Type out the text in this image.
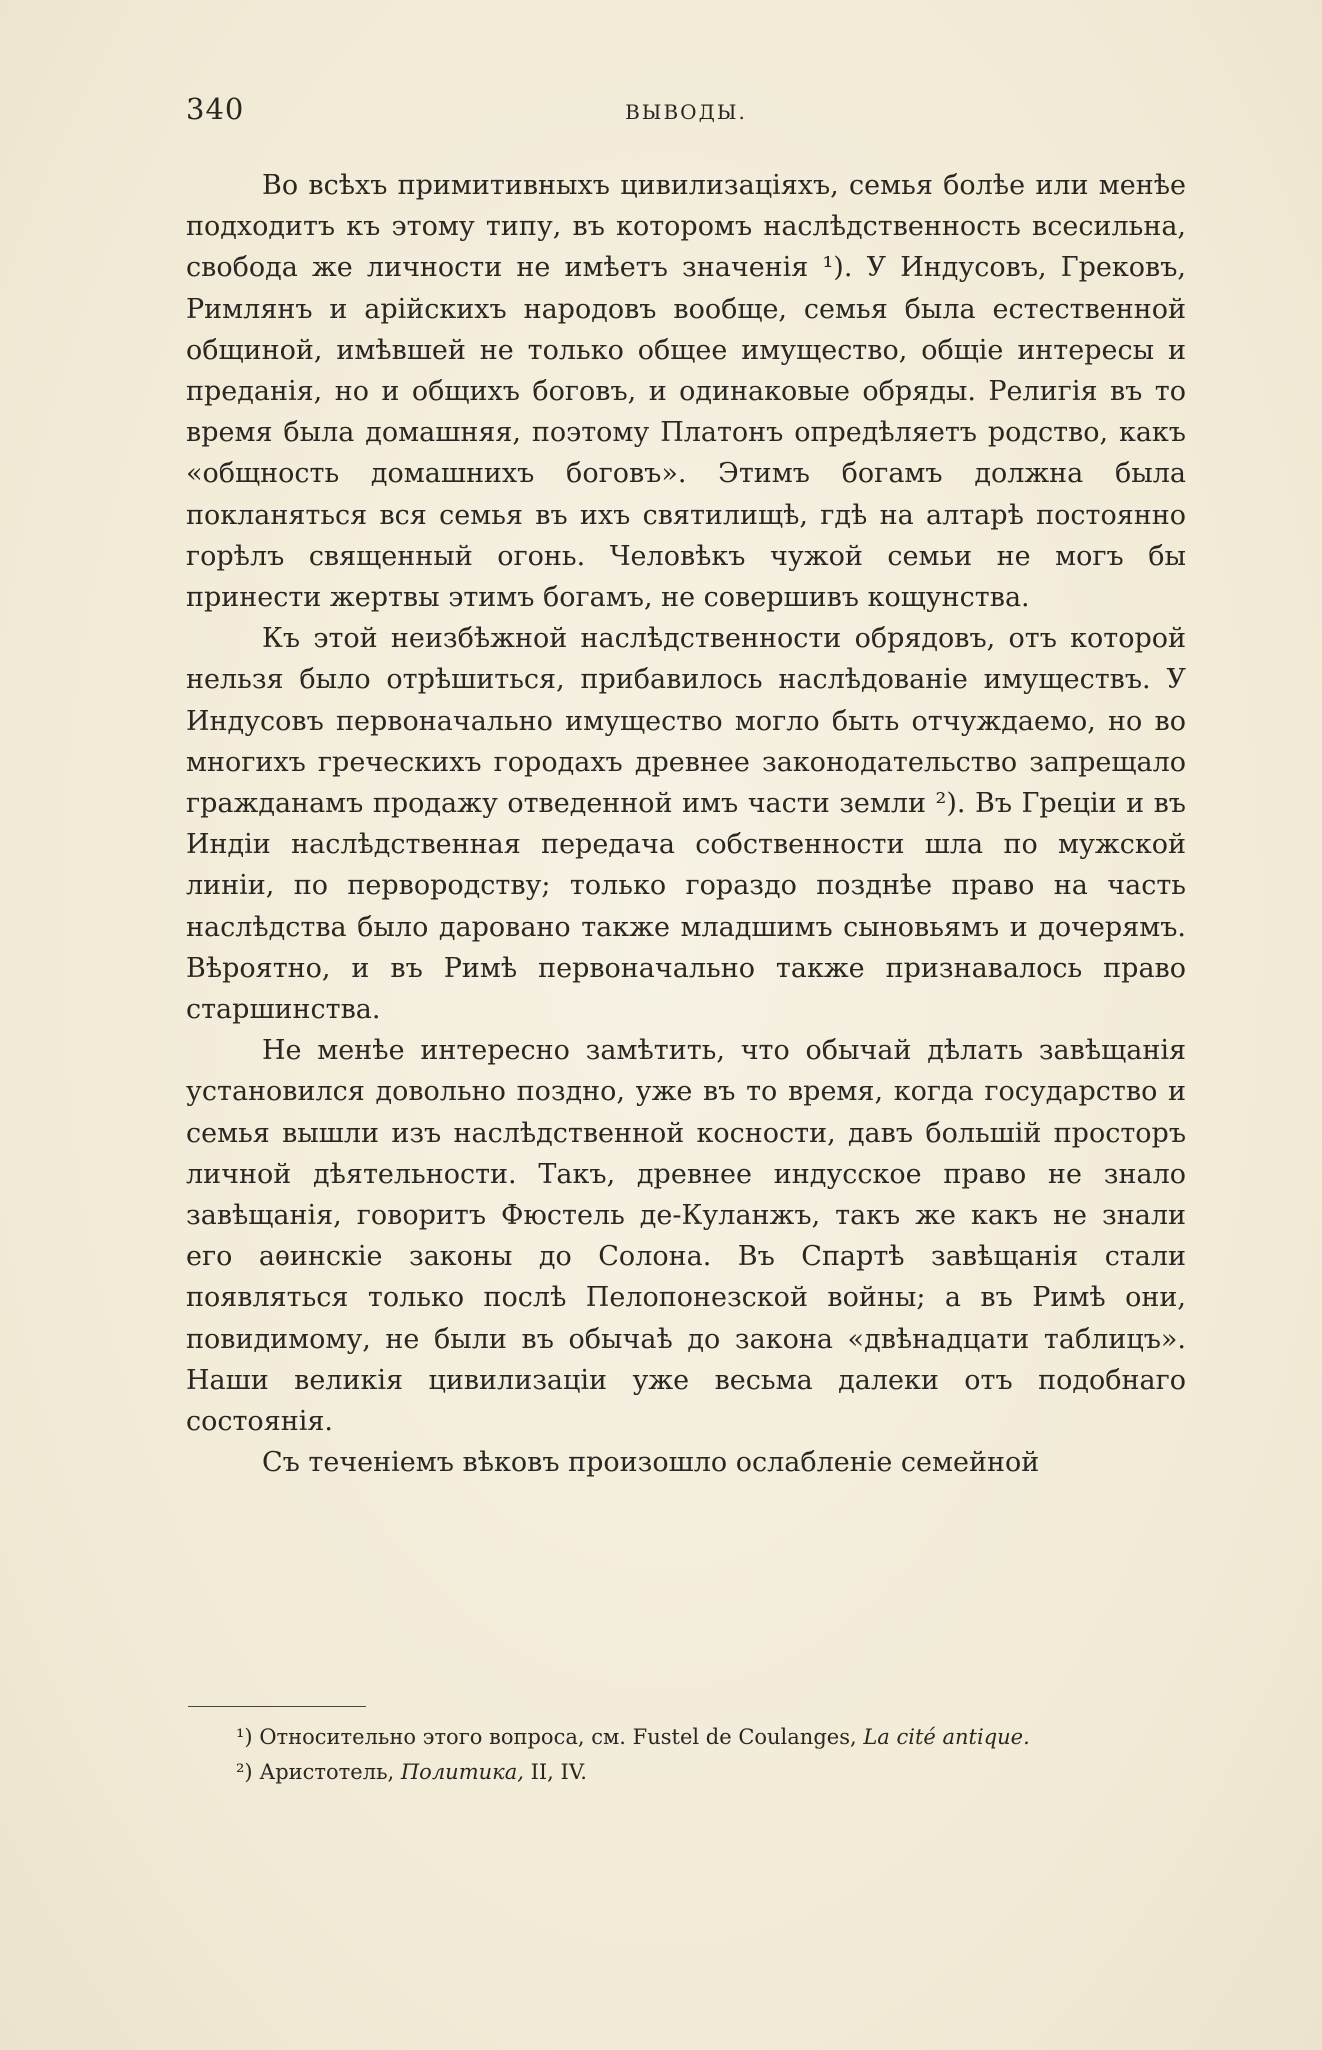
340	ВЫВОДЫ.

Во всѣхъ примитивныхъ цивилизаціяхъ, семья болѣе или менѣе подходитъ къ этому типу, въ которомъ наслѣдственность всесильна, свобода же личности не имѣетъ значенія ¹). У Индусовъ, Грековъ, Римлянъ и арійскихъ народовъ вообще, семья была естественной общиной, имѣвшей не только общее имущество, общіе интересы и преданія, но и общихъ боговъ, и одинаковые обряды. Религія въ то время была домашняя, поэтому Платонъ опредѣляетъ родство, какъ «общность домашнихъ боговъ». Этимъ богамъ должна была покланяться вся семья въ ихъ святилищѣ, гдѣ на алтарѣ постоянно горѣлъ священный огонь. Человѣкъ чужой семьи не могъ бы принести жертвы этимъ богамъ, не совершивъ кощунства.

Къ этой неизбѣжной наслѣдственности обрядовъ, отъ которой нельзя было отрѣшиться, прибавилось наслѣдованіе имуществъ. У Индусовъ первоначально имущество могло быть отчуждаемо, но во многихъ греческихъ городахъ древнее законодательство запрещало гражданамъ продажу отведенной имъ части земли ²). Въ Греціи и въ Индіи наслѣдственная передача собственности шла по мужской линіи, по первородству; только гораздо позднѣе право на часть наслѣдства было даровано также младшимъ сыновьямъ и дочерямъ. Вѣроятно, и въ Римѣ первоначально также признавалось право старшинства.

Не менѣе интересно замѣтить, что обычай дѣлать завѣщанія установился довольно поздно, уже въ то время, когда государство и семья вышли изъ наслѣдственной косности, давъ большій просторъ личной дѣятельности. Такъ, древнее индусское право не знало завѣщанія, говоритъ Фюстель де-Куланжъ, такъ же какъ не знали его аѳинскіе законы до Солона. Въ Спартѣ завѣщанія стали появляться только послѣ Пелопонезской войны; а въ Римѣ они, повидимому, не были въ обычаѣ до закона «двѣнадцати таблицъ». Наши великія цивилизаціи уже весьма далеки отъ подобнаго состоянія.

Съ теченіемъ вѣковъ произошло ослабленіе семейной

¹) Относительно этого вопроса, см. Fustel de Coulanges, La cité antique.

²) Аристотель, Политика, II, IV.
